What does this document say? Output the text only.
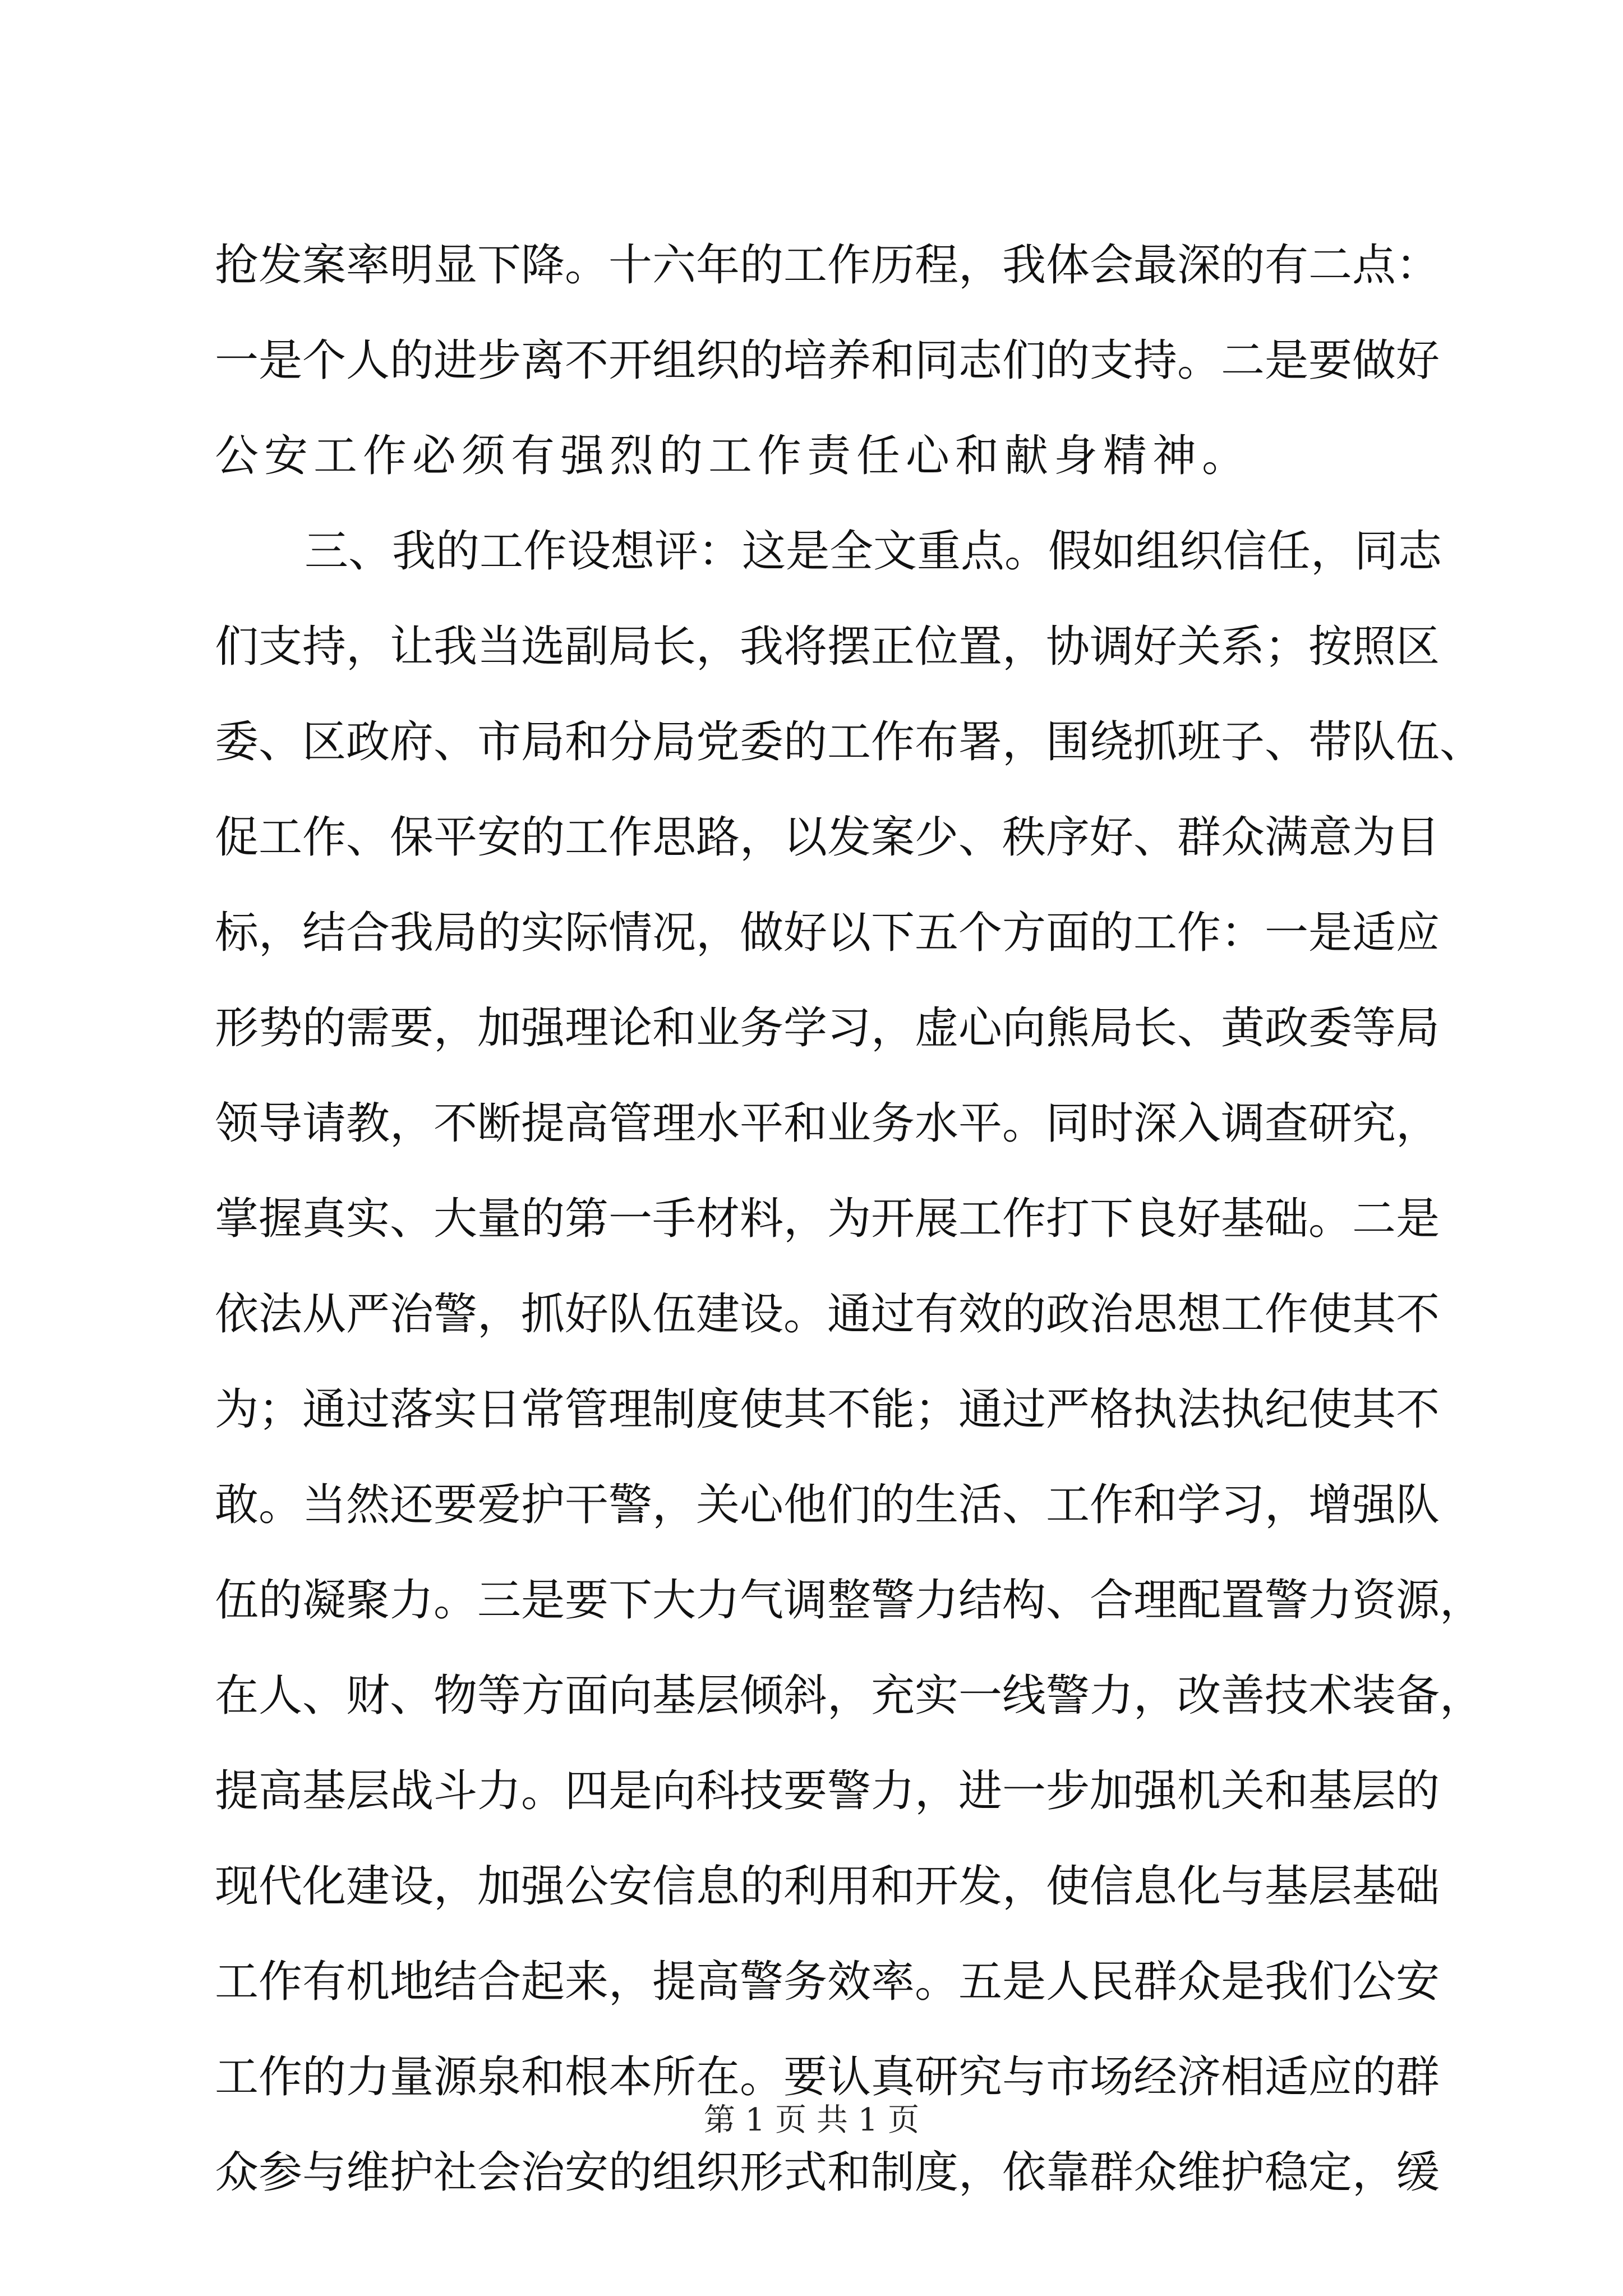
抢发案率明显下降。十六年的工作历程，我体会最深的有二点：
一是个人的进步离不开组织的培养和同志们的支持。二是要做好
公安工作必须有强烈的工作责任心和献身精神。
三、我的工作设想评：这是全文重点。假如组织信任，同志
们支持，让我当选副局长，我将摆正位置，协调好关系；按照区
委、区政府、市局和分局党委的工作布署，围绕抓班子、带队伍、
促工作、保平安的工作思路，以发案少、秩序好、群众满意为目
标，结合我局的实际情况，做好以下五个方面的工作：一是适应
形势的需要，加强理论和业务学习，虚心向熊局长、黄政委等局
领导请教，不断提高管理水平和业务水平。同时深入调查研究，
掌握真实、大量的第一手材料，为开展工作打下良好基础。二是
依法从严治警，抓好队伍建设。通过有效的政治思想工作使其不
为；通过落实日常管理制度使其不能；通过严格执法执纪使其不
敢。当然还要爱护干警，关心他们的生活、工作和学习，增强队
伍的凝聚力。三是要下大力气调整警力结构、合理配置警力资源，
在人、财、物等方面向基层倾斜，充实一线警力，改善技术装备，
提高基层战斗力。四是向科技要警力，进一步加强机关和基层的
现代化建设，加强公安信息的利用和开发，使信息化与基层基础
工作有机地结合起来，提高警务效率。五是人民群众是我们公安
工作的力量源泉和根本所在。要认真研究与市场经济相适应的群
众参与维护社会治安的组织形式和制度，依靠群众维护稳定，缓
第 1 页 共 1 页
